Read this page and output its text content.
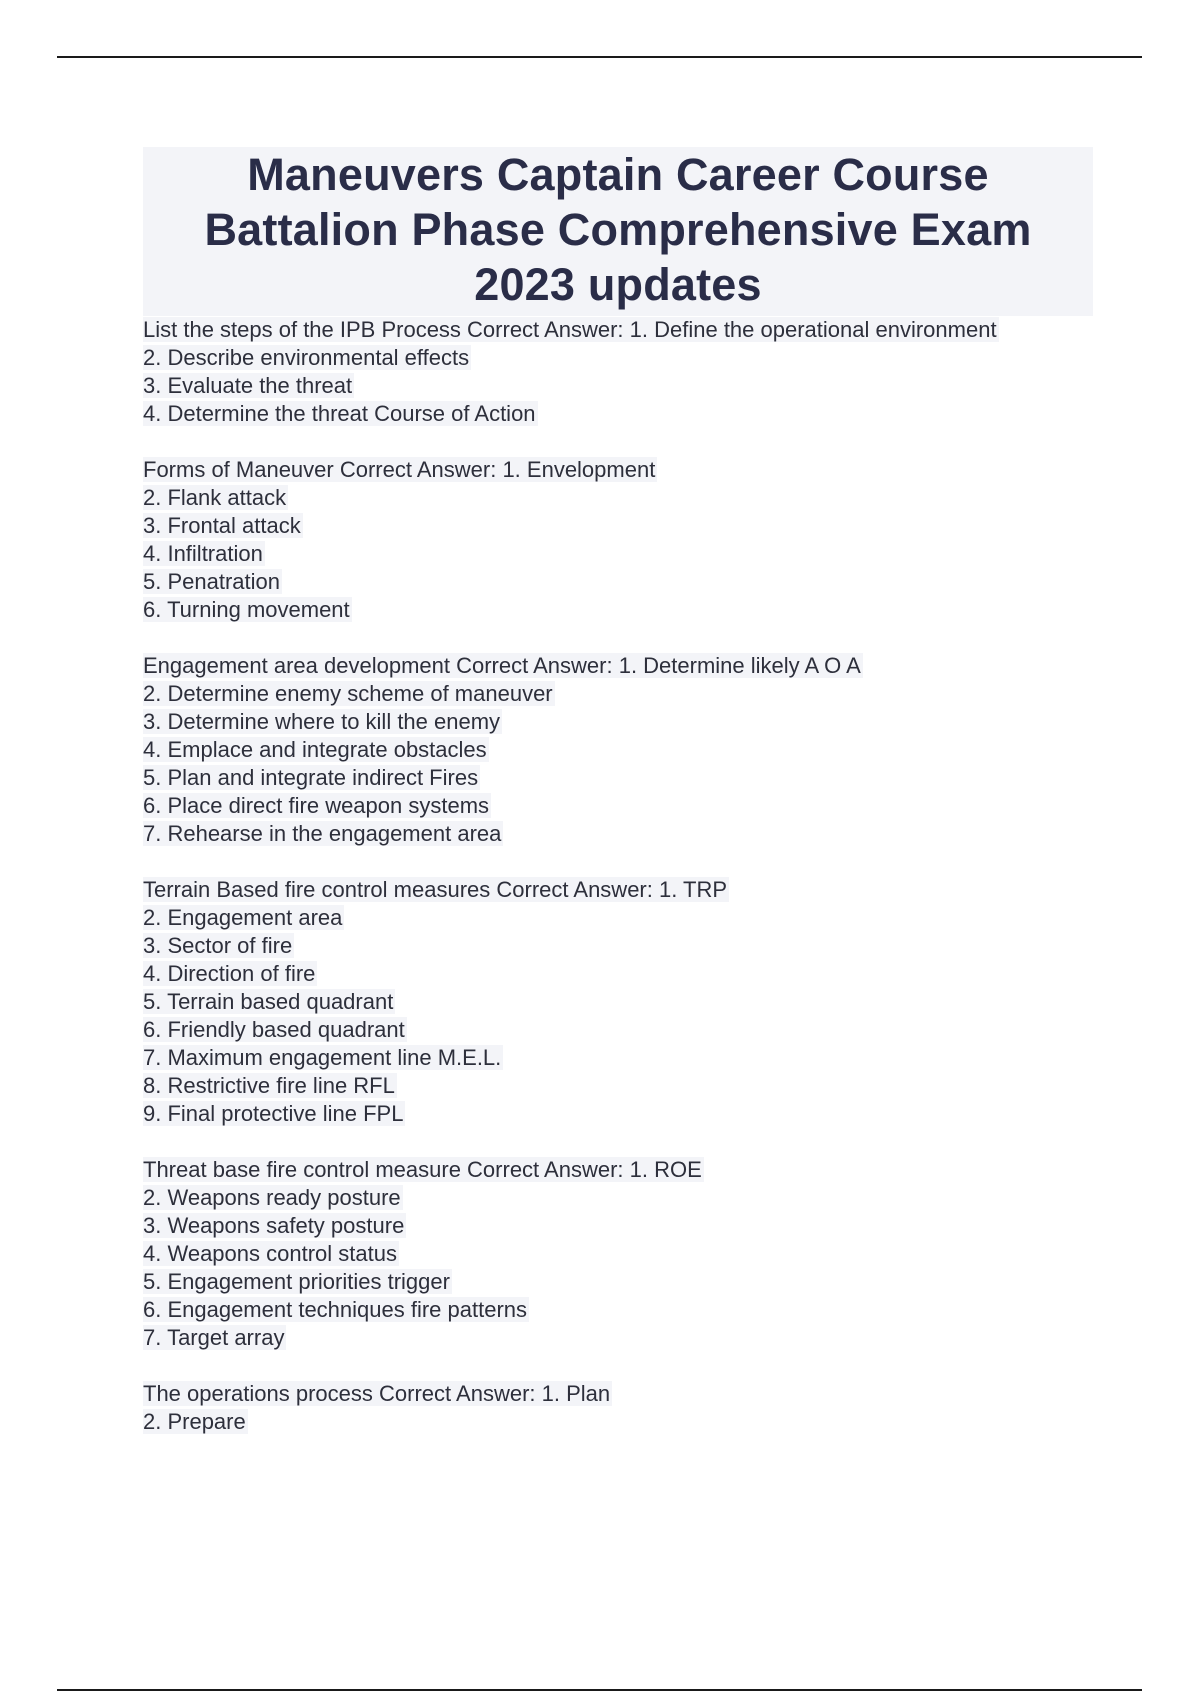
Maneuvers Captain Career Course
Battalion Phase Comprehensive Exam
2023 updates
List the steps of the IPB Process Correct Answer: 1. Define the operational environment
2. Describe environmental effects
3. Evaluate the threat
4. Determine the threat Course of Action
Forms of Maneuver Correct Answer: 1. Envelopment
2. Flank attack
3. Frontal attack
4. Infiltration
5. Penatration
6. Turning movement
Engagement area development Correct Answer: 1. Determine likely A O A
2. Determine enemy scheme of maneuver
3. Determine where to kill the enemy
4. Emplace and integrate obstacles
5. Plan and integrate indirect Fires
6. Place direct fire weapon systems
7. Rehearse in the engagement area
Terrain Based fire control measures Correct Answer: 1. TRP
2. Engagement area
3. Sector of fire
4. Direction of fire
5. Terrain based quadrant
6. Friendly based quadrant
7. Maximum engagement line M.E.L.
8. Restrictive fire line RFL
9. Final protective line FPL
Threat base fire control measure Correct Answer: 1. ROE
2. Weapons ready posture
3. Weapons safety posture
4. Weapons control status
5. Engagement priorities trigger
6. Engagement techniques fire patterns
7. Target array
The operations process Correct Answer: 1. Plan
2. Prepare
